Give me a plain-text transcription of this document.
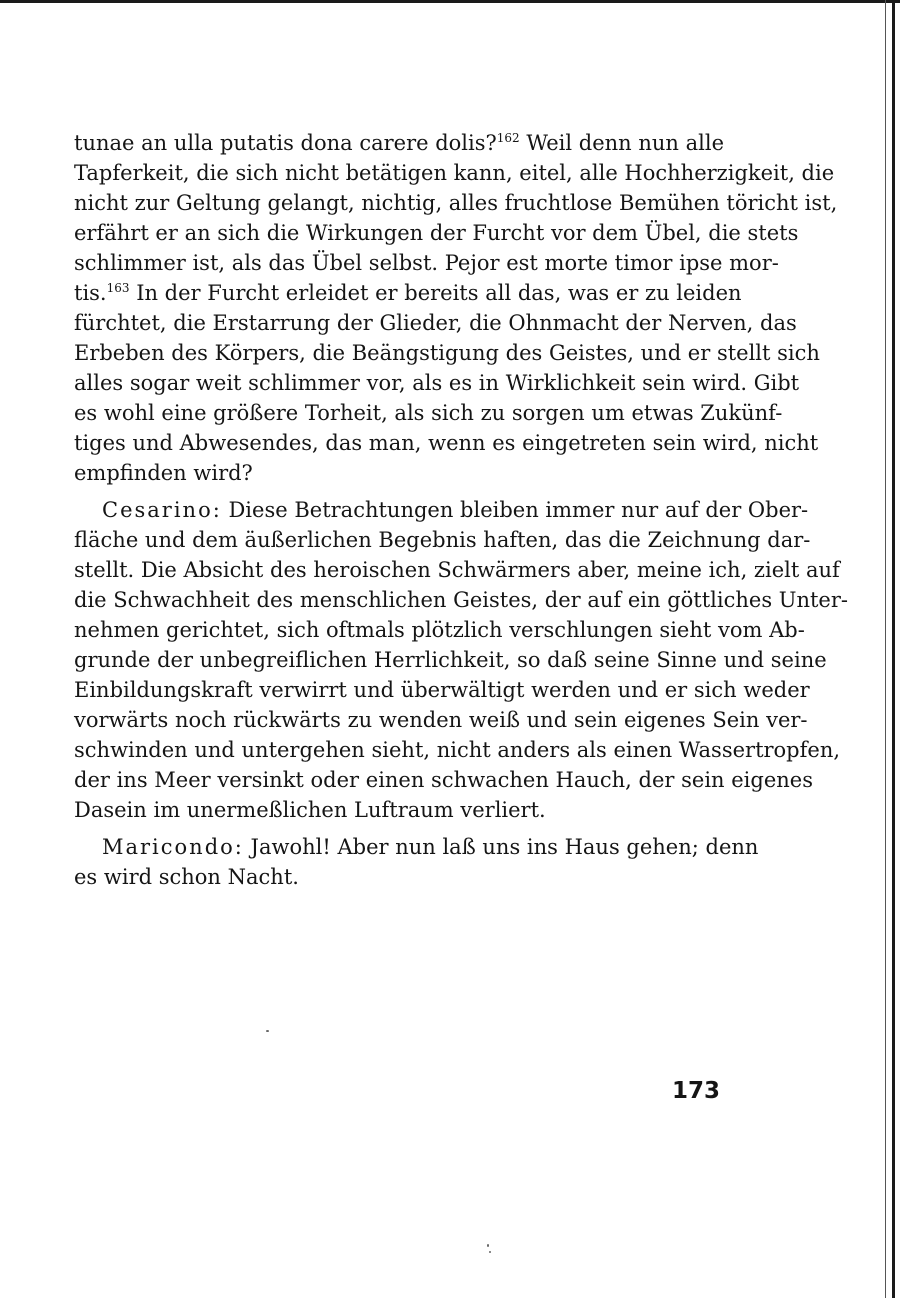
tunae an ulla putatis dona carere dolis?$^{162}$ Weil denn nun alle
Tapferkeit, die sich nicht betätigen kann, eitel, alle Hochherzigkeit, die
nicht zur Geltung gelangt, nichtig, alles fruchtlose Bemühen töricht ist,
erfährt er an sich die Wirkungen der Furcht vor dem Übel, die stets
schlimmer ist, als das Übel selbst. Pejor est morte timor ipse mor-
tis.$^{163}$ In der Furcht erleidet er bereits all das, was er zu leiden
fürchtet, die Erstarrung der Glieder, die Ohnmacht der Nerven, das
Erbeben des Körpers, die Beängstigung des Geistes, und er stellt sich
alles sogar weit schlimmer vor, als es in Wirklichkeit sein wird. Gibt
es wohl eine größere Torheit, als sich zu sorgen um etwas Zukünf-
tiges und Abwesendes, das man, wenn es eingetreten sein wird, nicht
empfinden wird?
Cesarino: Diese Betrachtungen bleiben immer nur auf der Ober-
fläche und dem äußerlichen Begebnis haften, das die Zeichnung dar-
stellt. Die Absicht des heroischen Schwärmers aber, meine ich, zielt auf
die Schwachheit des menschlichen Geistes, der auf ein göttliches Unter-
nehmen gerichtet, sich oftmals plötzlich verschlungen sieht vom Ab-
grunde der unbegreiflichen Herrlichkeit, so daß seine Sinne und seine
Einbildungskraft verwirrt und überwältigt werden und er sich weder
vorwärts noch rückwärts zu wenden weiß und sein eigenes Sein ver-
schwinden und untergehen sieht, nicht anders als einen Wassertropfen,
der ins Meer versinkt oder einen schwachen Hauch, der sein eigenes
Dasein im unermeßlichen Luftraum verliert.
Maricondo: Jawohl! Aber nun laß uns ins Haus gehen; denn
es wird schon Nacht.
173
